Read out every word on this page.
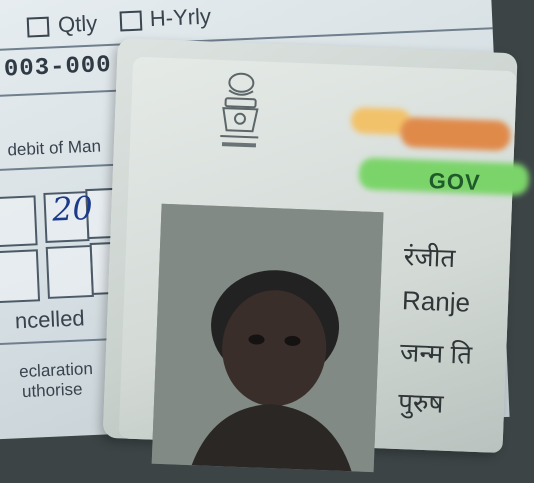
Qtly H-Yrly
003-000
debit of Man
20
ncelled
eclaration
uthorise
GOV
रंजीत
Ranje
जन्म ति
पुरुष
